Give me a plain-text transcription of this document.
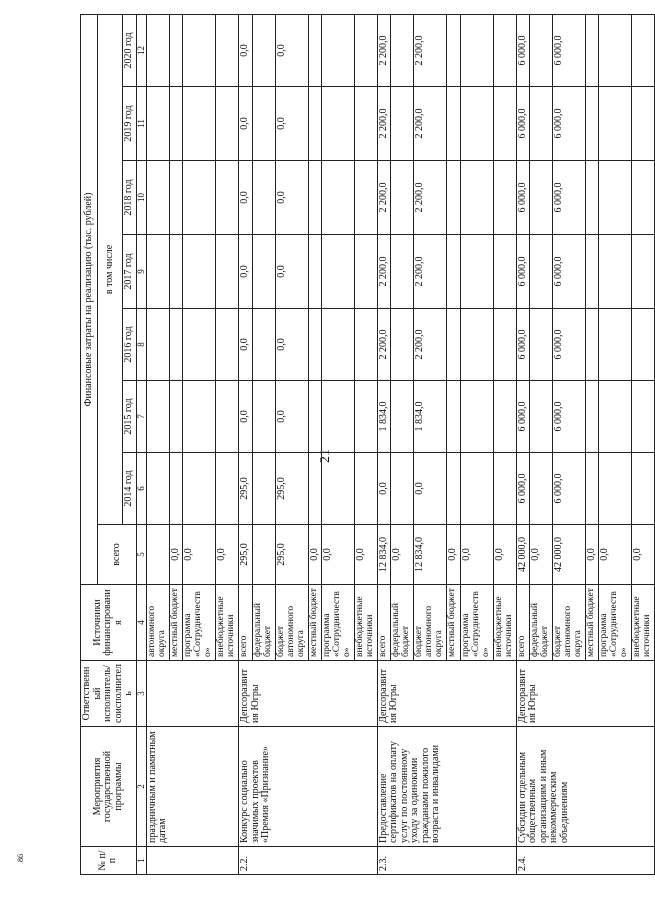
21
86	№ п/п	Мероприятия государственной программы	Ответственный исполнитель/ соисполнитель	Источники финансирования	Финансовые затраты на реализацию (тыс. рублей)							
				всего	в том числе						
					2014 год	2015 год	2016 год	2017 год	2018 год	2019 год	2020 год
1	2	3	4	5	6	7	8	9	10	11	12
	праздничным и памятным датам		автономного округа								
			местный бюджет	0,0							
			программа «Сотрудничество»	0,0							
			внебюджетные источники	0,0							
2.2.	Конкурс социально значимых проектов «Премия «Признание»	Депсоразвития Югры	всего	295,0	295,0	0,0	0,0	0,0	0,0	0,0	0,0
			федеральный бюджет								
			бюджет автономного округа	295,0	295,0	0,0	0,0	0,0	0,0	0,0	0,0
			местный бюджет	0,0							
			программа «Сотрудничество»	0,0							
			внебюджетные источники	0,0							
2.3.	Предоставление сертификатов на оплату услуг по постоянному уходу за одинокими гражданами пожилого возраста и инвалидами	Депсоразвития Югры	всего	12 834,0	0,0	1 834,0	2 200,0	2 200,0	2 200,0	2 200,0	2 200,0
			федеральный бюджет	0,0							
			бюджет автономного округа	12 834,0	0,0	1 834,0	2 200,0	2 200,0	2 200,0	2 200,0	2 200,0
			местный бюджет	0,0							
			программа «Сотрудничество»	0,0							
			внебюджетные источники	0,0							
2.4.	Субсидии отдельным общественным организациям и иным некоммерческим объединениям	Депсоразвития Югры	всего	42 000,0	6 000,0	6 000,0	6 000,0	6 000,0	6 000,0	6 000,0	6 000,0
			федеральный бюджет	0,0							
			бюджет автономного округа	42 000,0	6 000,0	6 000,0	6 000,0	6 000,0	6 000,0	6 000,0	6 000,0
			местный бюджет	0,0							
			программа «Сотрудничество»	0,0							
			внебюджетные источники	0,0							
